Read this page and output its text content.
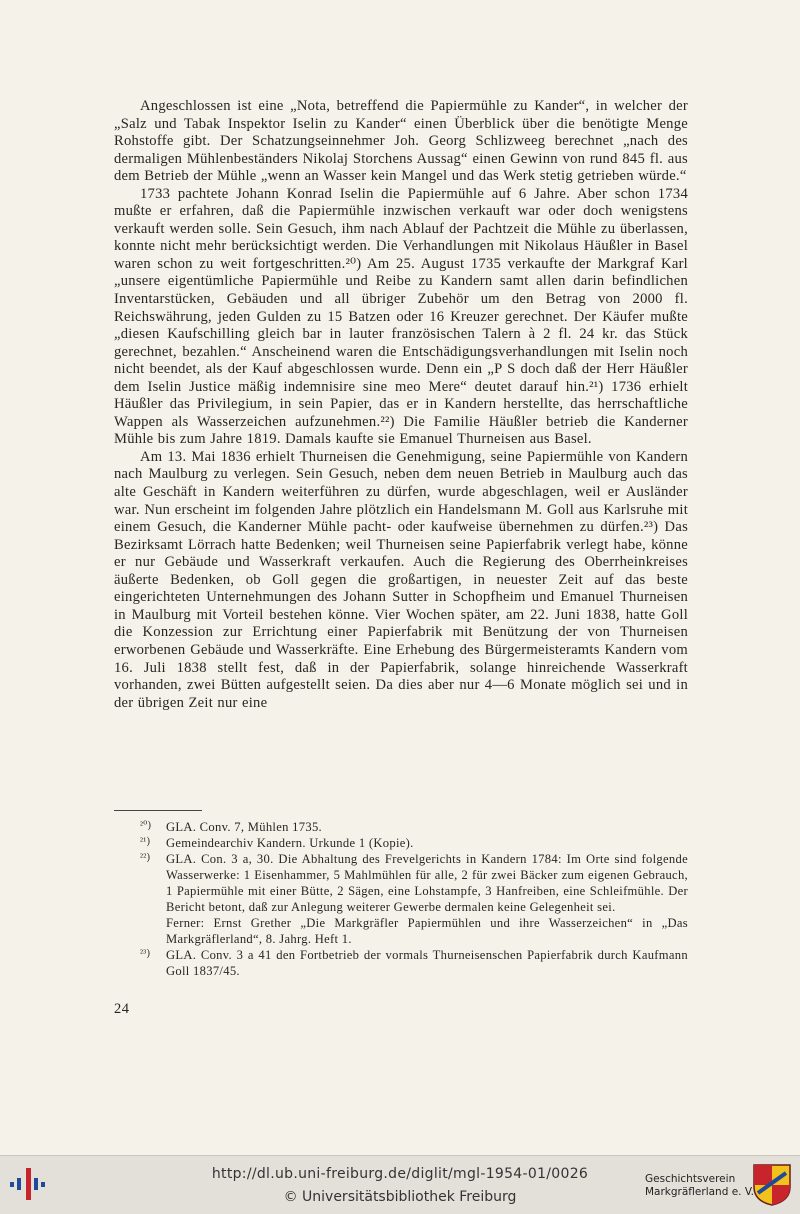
Angeschlossen ist eine „Nota, betreffend die Papiermühle zu Kander“, in welcher der „Salz und Tabak Inspektor Iselin zu Kander“ einen Überblick über die benötigte Menge Rohstoffe gibt. Der Schatzungseinnehmer Joh. Georg Schlizweeg berechnet „nach des dermaligen Mühlenbeständers Nikolaj Storchens Aussag“ einen Gewinn von rund 845 fl. aus dem Betrieb der Mühle „wenn an Wasser kein Mangel und das Werk stetig getrieben würde.“

1733 pachtete Johann Konrad Iselin die Papiermühle auf 6 Jahre. Aber schon 1734 mußte er erfahren, daß die Papiermühle inzwischen verkauft war oder doch wenigstens verkauft werden solle. Sein Gesuch, ihm nach Ablauf der Pachtzeit die Mühle zu überlassen, konnte nicht mehr berücksichtigt werden. Die Verhandlungen mit Nikolaus Häußler in Basel waren schon zu weit fortgeschritten.²⁰) Am 25. August 1735 verkaufte der Markgraf Karl „unsere eigentümliche Papiermühle und Reibe zu Kandern samt allen darin befindlichen Inventarstücken, Gebäuden und all übriger Zubehör um den Betrag von 2000 fl. Reichswährung, jeden Gulden zu 15 Batzen oder 16 Kreuzer gerechnet. Der Käufer mußte „diesen Kaufschilling gleich bar in lauter französischen Talern à 2 fl. 24 kr. das Stück gerechnet, bezahlen.“ Anscheinend waren die Entschädigungsverhandlungen mit Iselin noch nicht beendet, als der Kauf abgeschlossen wurde. Denn ein „P S doch daß der Herr Häußler dem Iselin Justice mäßig indemnisire sine meo Mere“ deutet darauf hin.²¹) 1736 erhielt Häußler das Privilegium, in sein Papier, das er in Kandern herstellte, das herrschaftliche Wappen als Wasserzeichen aufzunehmen.²²) Die Familie Häußler betrieb die Kanderner Mühle bis zum Jahre 1819. Damals kaufte sie Emanuel Thurneisen aus Basel.

Am 13. Mai 1836 erhielt Thurneisen die Genehmigung, seine Papiermühle von Kandern nach Maulburg zu verlegen. Sein Gesuch, neben dem neuen Betrieb in Maulburg auch das alte Geschäft in Kandern weiterführen zu dürfen, wurde abgeschlagen, weil er Ausländer war. Nun erscheint im folgenden Jahre plötzlich ein Handelsmann M. Goll aus Karlsruhe mit einem Gesuch, die Kanderner Mühle pacht- oder kaufweise übernehmen zu dürfen.²³) Das Bezirksamt Lörrach hatte Bedenken; weil Thurneisen seine Papierfabrik verlegt habe, könne er nur Gebäude und Wasserkraft verkaufen. Auch die Regierung des Oberrheinkreises äußerte Bedenken, ob Goll gegen die großartigen, in neuester Zeit auf das beste eingerichteten Unternehmungen des Johann Sutter in Schopfheim und Emanuel Thurneisen in Maulburg mit Vorteil bestehen könne. Vier Wochen später, am 22. Juni 1838, hatte Goll die Konzession zur Errichtung einer Papierfabrik mit Benützung der von Thurneisen erworbenen Gebäude und Wasserkräfte. Eine Erhebung des Bürgermeisteramts Kandern vom 16. Juli 1838 stellt fest, daß in der Papierfabrik, solange hinreichende Wasserkraft vorhanden, zwei Bütten aufgestellt seien. Da dies aber nur 4—6 Monate möglich sei und in der übrigen Zeit nur eine

²⁰)	GLA. Conv. 7, Mühlen 1735.
²¹)	Gemeindearchiv Kandern. Urkunde 1 (Kopie).
²²)	GLA. Con. 3 a, 30. Die Abhaltung des Frevelgerichts in Kandern 1784: Im Orte sind folgende Wasserwerke: 1 Eisenhammer, 5 Mahlmühlen für alle, 2 für zwei Bäcker zum eigenen Gebrauch, 1 Papiermühle mit einer Bütte, 2 Sägen, eine Lohstampfe, 3 Hanfreiben, eine Schleifmühle. Der Bericht betont, daß zur Anlegung weiterer Gewerbe dermalen keine Gelegenheit sei.
Ferner: Ernst Grether „Die Markgräfler Papiermühlen und ihre Wasserzeichen“ in „Das Markgräflerland“, 8. Jahrg. Heft 1.
²³)	GLA. Conv. 3 a 41 den Fortbetrieb der vormals Thurneisenschen Papierfabrik durch Kaufmann Goll 1837/45.
24
http://dl.ub.uni-freiburg.de/diglit/mgl-1954-01/0026
© Universitätsbibliothek Freiburg
Geschichtsverein
Markgräflerland e. V.
